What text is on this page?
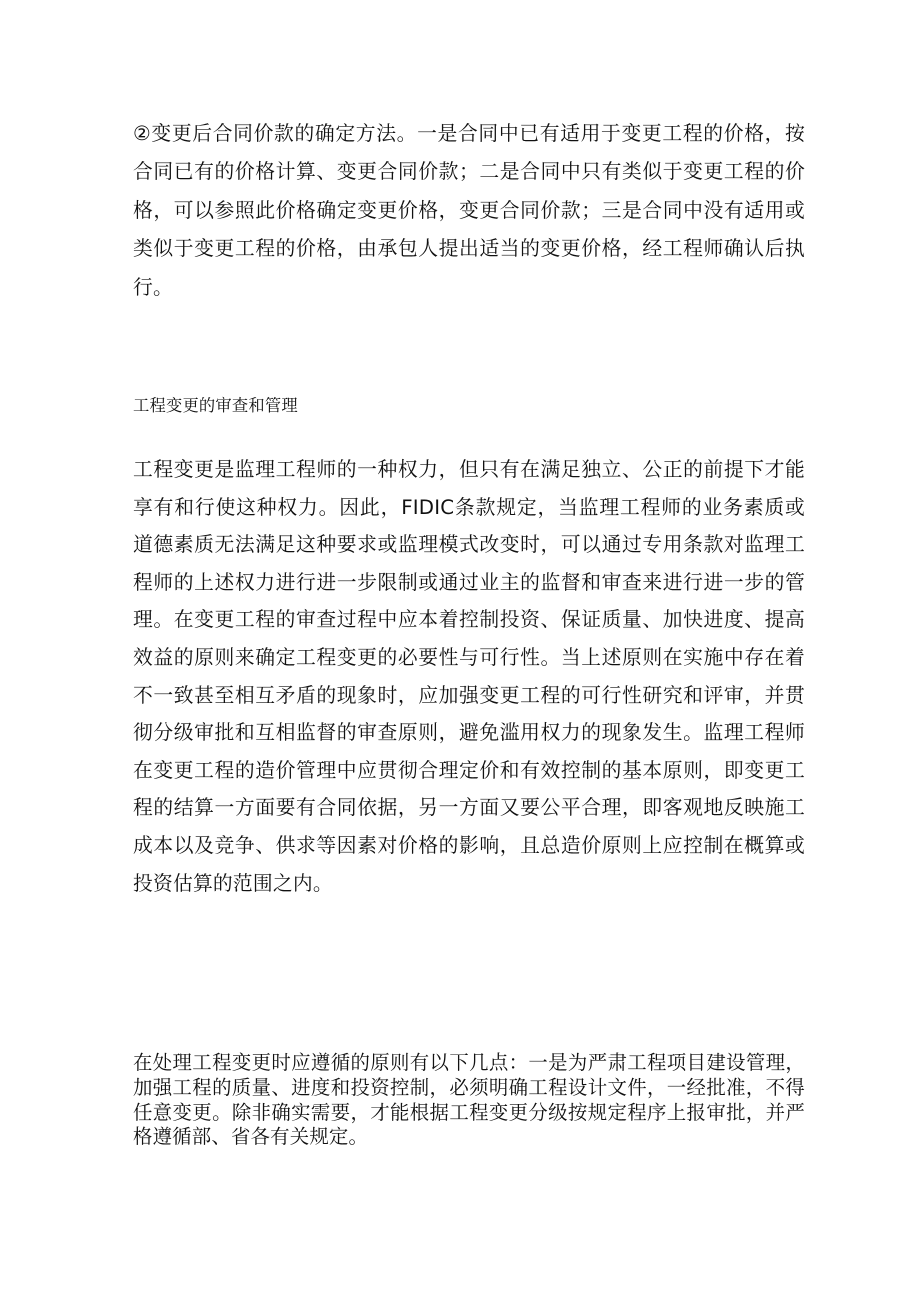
②变更后合同价款的确定方法。一是合同中已有适用于变更工程的价格，按合同已有的价格计算、变更合同价款；二是合同中只有类似于变更工程的价格，可以参照此价格确定变更价格，变更合同价款；三是合同中没有适用或类似于变更工程的价格，由承包人提出适当的变更价格，经工程师确认后执行。

工程变更的审查和管理

工程变更是监理工程师的一种权力，但只有在满足独立、公正的前提下才能享有和行使这种权力。因此，FIDIC条款规定，当监理工程师的业务素质或道德素质无法满足这种要求或监理模式改变时，可以通过专用条款对监理工程师的上述权力进行进一步限制或通过业主的监督和审查来进行进一步的管理。在变更工程的审查过程中应本着控制投资、保证质量、加快进度、提高效益的原则来确定工程变更的必要性与可行性。当上述原则在实施中存在着不一致甚至相互矛盾的现象时，应加强变更工程的可行性研究和评审，并贯彻分级审批和互相监督的审查原则，避免滥用权力的现象发生。监理工程师在变更工程的造价管理中应贯彻合理定价和有效控制的基本原则，即变更工程的结算一方面要有合同依据，另一方面又要公平合理，即客观地反映施工成本以及竞争、供求等因素对价格的影响，且总造价原则上应控制在概算或投资估算的范围之内。

在处理工程变更时应遵循的原则有以下几点：一是为严肃工程项目建设管理，加强工程的质量、进度和投资控制，必须明确工程设计文件，一经批准，不得任意变更。除非确实需要，才能根据工程变更分级按规定程序上报审批，并严格遵循部、省各有关规定。
